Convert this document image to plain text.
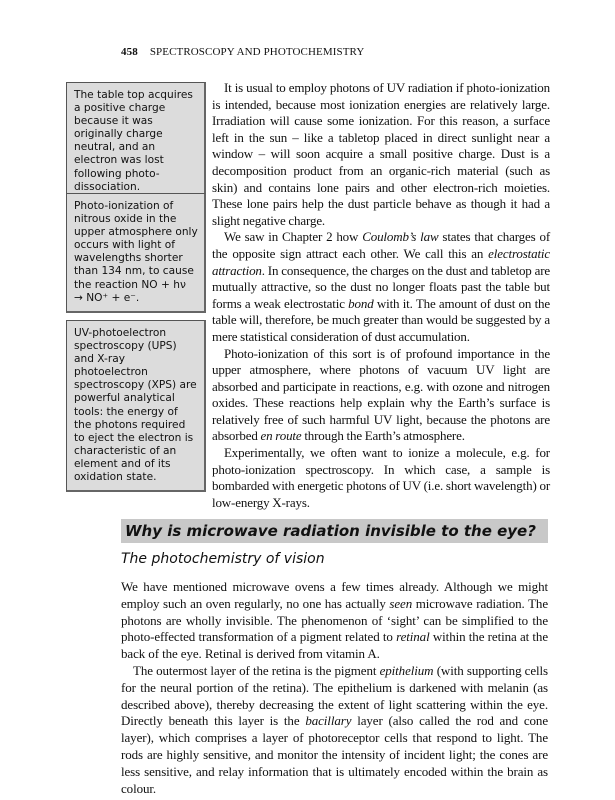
458 SPECTROSCOPY AND PHOTOCHEMISTRY
The table top acquires a positive charge because it was originally charge neutral, and an electron was lost following photo-dissociation.
Photo-ionization of nitrous oxide in the upper atmosphere only occurs with light of wavelengths shorter than 134 nm, to cause the reaction NO + hν → NO⁺ + e⁻.
UV-photoelectron spectroscopy (UPS) and X-ray photoelectron spectroscopy (XPS) are powerful analytical tools: the energy of the photons required to eject the electron is characteristic of an element and of its oxidation state.

It is usual to employ photons of UV radiation if photo-ionization is intended, because most ionization energies are relatively large. Irradiation will cause some ionization. For this reason, a surface left in the sun – like a tabletop placed in direct sunlight near a window – will soon acquire a small positive charge. Dust is a decomposition product from an organic-rich material (such as skin) and contains lone pairs and other electron-rich moieties. These lone pairs help the dust particle behave as though it had a slight negative charge.

We saw in Chapter 2 how Coulomb’s law states that charges of the opposite sign attract each other. We call this an electrostatic attraction. In consequence, the charges on the dust and tabletop are mutually attractive, so the dust no longer floats past the table but forms a weak electrostatic bond with it. The amount of dust on the table will, therefore, be much greater than would be suggested by a mere statistical consideration of dust accumulation.

Photo-ionization of this sort is of profound importance in the upper atmosphere, where photons of vacuum UV light are absorbed and participate in reactions, e.g. with ozone and nitrogen oxides. These reactions help explain why the Earth’s surface is relatively free of such harmful UV light, because the photons are absorbed en route through the Earth’s atmosphere.

Experimentally, we often want to ionize a molecule, e.g. for photo-ionization spectroscopy. In which case, a sample is bombarded with energetic photons of UV (i.e. short wavelength) or low-energy X-rays.

Why is microwave radiation invisible to the eye?
The photochemistry of vision

We have mentioned microwave ovens a few times already. Although we might employ such an oven regularly, no one has actually seen microwave radiation. The photons are wholly invisible. The phenomenon of ‘sight’ can be simplified to the photo-effected transformation of a pigment related to retinal within the retina at the back of the eye. Retinal is derived from vitamin A.

The outermost layer of the retina is the pigment epithelium (with supporting cells for the neural portion of the retina). The epithelium is darkened with melanin (as described above), thereby decreasing the extent of light scattering within the eye. Directly beneath this layer is the bacillary layer (also called the rod and cone layer), which comprises a layer of photoreceptor cells that respond to light. The rods are highly sensitive, and monitor the intensity of incident light; the cones are less sensitive, and relay information that is ultimately encoded within the brain as colour.
